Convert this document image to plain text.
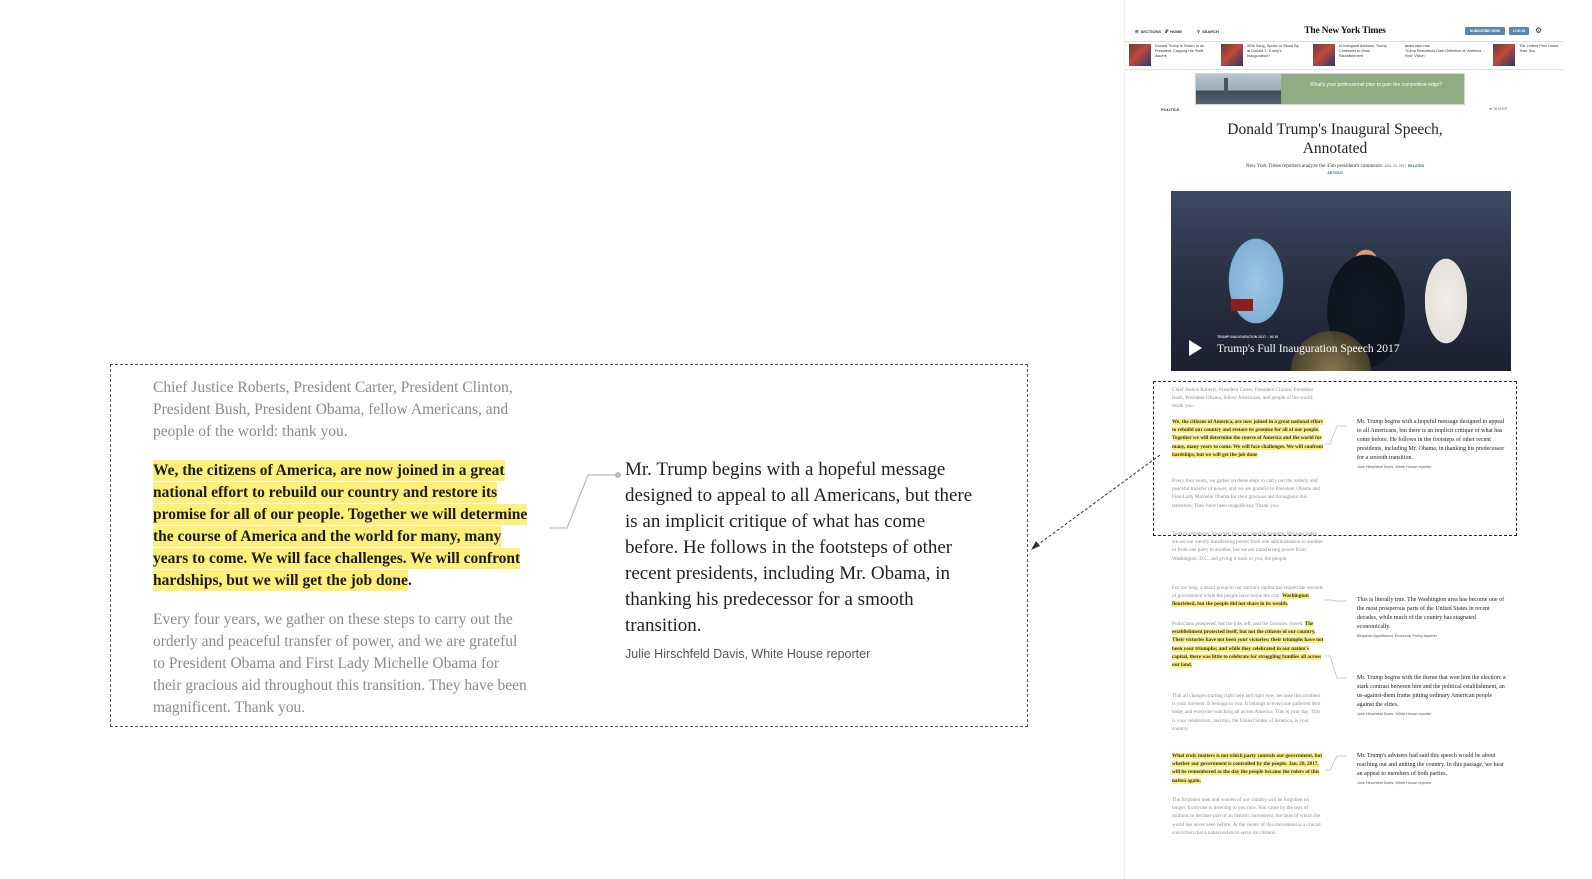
Chief Justice Roberts, President Carter, President Clinton, President Bush, President Obama, fellow Americans, and people of the world: thank you.

We, the citizens of America, are now joined in a great national effort to rebuild our country and restore its promise for all of our people. Together we will determine the course of America and the world for many, many years to come. We will face challenges. We will confront hardships, but we will get the job done.

Every four years, we gather on these steps to carry out the orderly and peaceful transfer of power, and we are grateful to President Obama and First Lady Michelle Obama for their gracious aid throughout this transition. They have been magnificent. Thank you.

Mr. Trump begins with a hopeful message designed to appeal to all Americans, but there is an implicit critique of what has come before. He follows in the footsteps of other recent presidents, including Mr. Obama, in thanking his predecessor for a smooth transition.

Julie Hirschfeld Davis, White House reporter

☰ SECTIONS 𝓣 HOME	⚲ SEARCH	The New York Times	SUBSCRIBE NOW	LOG IN	⚙
Donald Trump Is Sworn In as President, Capping His Swift Ascent
Who Sang, Spoke or Stood By at Donald J. Trump's Inauguration?
In Inaugural Address, Trump Continues to Shun Establishment
NEWS ANALYSIS
Trump Resurrects Dark Definition of 'America First' Vision
The Letters Pres Leave Their Suc
What's your professional plan to gain the competitive edge?
POLITICS	➦ SHARE
Donald Trump's Inaugural Speech, Annotated
New York Times reporters analyze the 45th president's comments. JAN. 20, 2017 RELATED ARTICLE
TRUMP INAUGURATION 2017 · 16:19
Trump's Full Inauguration Speech 2017

Chief Justice Roberts, President Carter, President Clinton, President Bush, President Obama, fellow Americans, and people of the world: thank you.

We, the citizens of America, are now joined in a great national effort to rebuild our country and restore its promise for all of our people. Together we will determine the course of America and the world for many, many years to come. We will face challenges. We will confront hardships, but we will get the job done

Every four years, we gather on these steps to carry out the orderly and peaceful transfer of power, and we are grateful to President Obama and First Lady Michelle Obama for their gracious aid throughout this transition. They have been magnificent. Thank you.

Today's ceremony, however, has very special meaning. Because today we are not merely transferring power from one administration to another or from one party to another, but we are transferring power from Washington, D.C. and giving it back to you, the people.

For too long, a small group in our nation's capital has reaped the rewards of government while the people have borne the cost. Washington flourished, but the people did not share in its wealth.

Politicians prospered, but the jobs left, and the factories closed. The establishment protected itself, but not the citizens of our country. Their victories have not been your victories; their triumphs have not been your triumphs; and while they celebrated in our nation's capital, there was little to celebrate for struggling families all across our land.

That all changes starting right here and right now, because this moment is your moment. It belongs to you. It belongs to everyone gathered here today and everyone watching all across America. This is your day. This is your celebration, and this, the United States of America, is your country.

What truly matters is not which party controls our government, but whether our government is controlled by the people. Jan. 20, 2017, will be remembered as the day the people became the rulers of this nation again.

The forgotten men and women of our country will be forgotten no longer. Everyone is listening to you now. You came by the tens of millions to become part of an historic movement, the likes of which the world has never seen before. At the center of this movement is a crucial conviction that a nation exists to serve its citizens.

Mr. Trump begins with a hopeful message designed to appeal to all Americans, but there is an implicit critique of what has come before. He follows in the footsteps of other recent presidents, including Mr. Obama, in thanking his predecessor for a smooth transition.

Julie Hirschfeld Davis, White House reporter

This is literally true. The Washington area has become one of the most prosperous parts of the United States in recent decades, while much of the country has stagnated economically.

Binyamin Appelbaum, Economic Policy reporter

Mr. Trump begins with the theme that won him the election: a stark contrast between him and the political establishment, an us-against-them frame pitting ordinary American people against the elites.

Julie Hirschfeld Davis, White House reporter

Mr. Trump's advisers had said this speech would be about reaching out and uniting the country. In this passage, we hear an appeal to members of both parties.

Julie Hirschfeld Davis, White House reporter
